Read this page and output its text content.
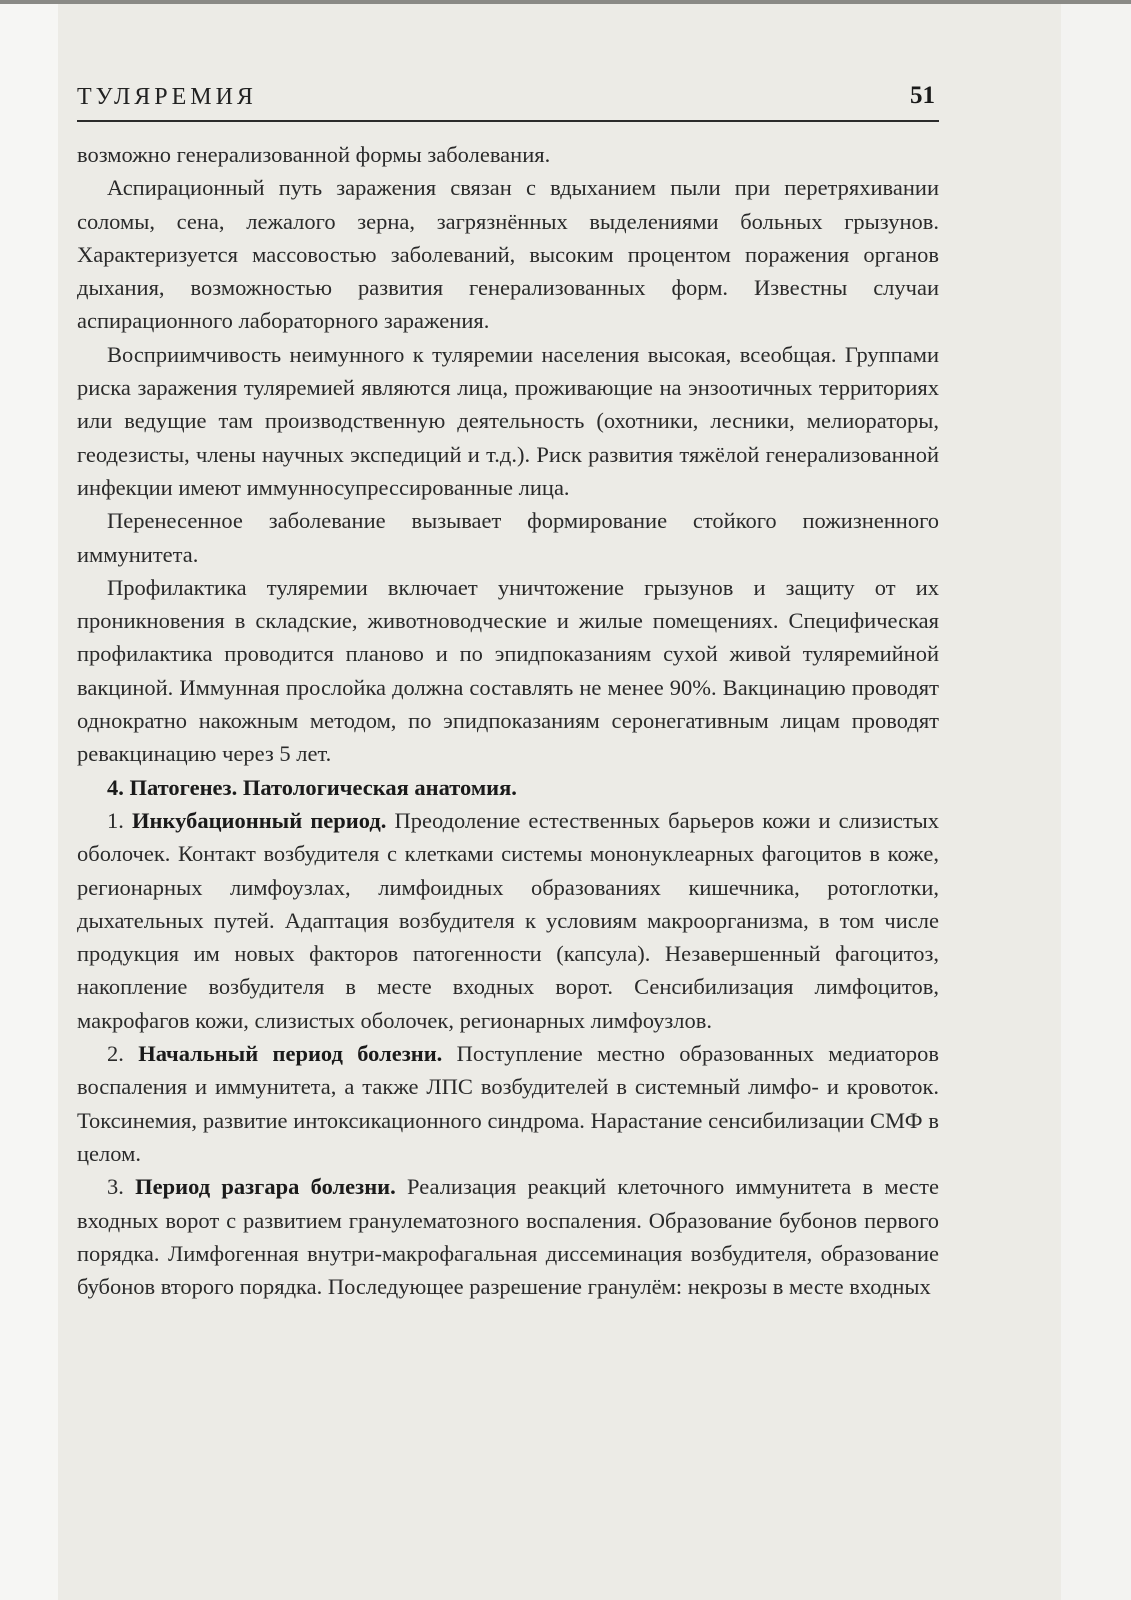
ТУЛЯРЕМИЯ	51

возможно генерализованной формы заболевания.

Аспирационный путь заражения связан с вдыханием пыли при перетряхивании соломы, сена, лежалого зерна, загрязнённых выделениями больных грызунов. Характеризуется массовостью заболеваний, высоким процентом поражения органов дыхания, возможностью развития генерализованных форм. Известны случаи аспирационного лабораторного заражения.

Восприимчивость неимунного к туляремии населения высокая, всеобщая. Группами риска заражения туляремией являются лица, проживающие на энзоотичных территориях или ведущие там производственную деятельность (охотники, лесники, мелиораторы, геодезисты, члены научных экспедиций и т.д.). Риск развития тяжёлой генерализованной инфекции имеют иммунносупрессированные лица.

Перенесенное заболевание вызывает формирование стойкого пожизненного иммунитета.

Профилактика туляремии включает уничтожение грызунов и защиту от их проникновения в складские, животноводческие и жилые помещениях. Специфическая профилактика проводится планово и по эпидпоказаниям сухой живой туляремийной вакциной. Иммунная прослойка должна составлять не менее 90%. Вакцинацию проводят однократно накожным методом, по эпидпоказаниям серонегативным лицам проводят ревакцинацию через 5 лет.

4. Патогенез. Патологическая анатомия.

1. Инкубационный период. Преодоление естественных барьеров кожи и слизистых оболочек. Контакт возбудителя с клетками системы мононуклеарных фагоцитов в коже, регионарных лимфоузлах, лимфоидных образованиях кишечника, ротоглотки, дыхательных путей. Адаптация возбудителя к условиям макроорганизма, в том числе продукция им новых факторов патогенности (капсула). Незавершенный фагоцитоз, накопление возбудителя в месте входных ворот. Сенсибилизация лимфоцитов, макрофагов кожи, слизистых оболочек, регионарных лимфоузлов.

2. Начальный период болезни. Поступление местно образованных медиаторов воспаления и иммунитета, а также ЛПС возбудителей в системный лимфо- и кровоток. Токсинемия, развитие интоксикационного синдрома. Нарастание сенсибилизации СМФ в целом.

3. Период разгара болезни. Реализация реакций клеточного иммунитета в месте входных ворот с развитием гранулематозного воспаления. Образование бубонов первого порядка. Лимфогенная внутри-макрофагальная диссеминация возбудителя, образование бубонов второго порядка. Последующее разрешение гранулём: некрозы в месте входных
